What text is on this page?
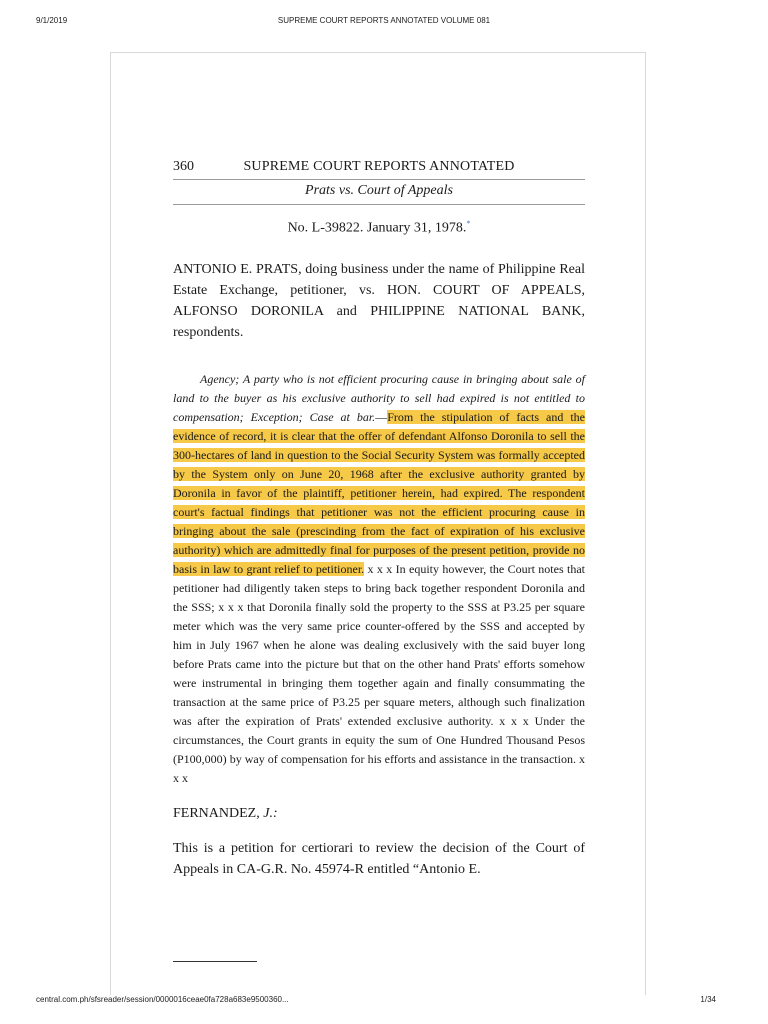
9/1/2019	SUPREME COURT REPORTS ANNOTATED VOLUME 081
360	SUPREME COURT REPORTS ANNOTATED
Prats vs. Court of Appeals
No. L-39822. January 31, 1978.*
ANTONIO E. PRATS, doing business under the name of Philippine Real Estate Exchange, petitioner, vs. HON. COURT OF APPEALS, ALFONSO DORONILA and PHILIPPINE NATIONAL BANK, respondents.
Agency; A party who is not efficient procuring cause in bringing about sale of land to the buyer as his exclusive authority to sell had expired is not entitled to compensation; Exception; Case at bar.—From the stipulation of facts and the evidence of record, it is clear that the offer of defendant Alfonso Doronila to sell the 300-hectares of land in question to the Social Security System was formally accepted by the System only on June 20, 1968 after the exclusive authority granted by Doronila in favor of the plaintiff, petitioner herein, had expired. The respondent court's factual findings that petitioner was not the efficient procuring cause in bringing about the sale (prescinding from the fact of expiration of his exclusive authority) which are admittedly final for purposes of the present petition, provide no basis in law to grant relief to petitioner. x x x In equity however, the Court notes that petitioner had diligently taken steps to bring back together respondent Doronila and the SSS; x x x that Doronila finally sold the property to the SSS at P3.25 per square meter which was the very same price counter-offered by the SSS and accepted by him in July 1967 when he alone was dealing exclusively with the said buyer long before Prats came into the picture but that on the other hand Prats' efforts somehow were instrumental in bringing them together again and finally consummating the transaction at the same price of P3.25 per square meters, although such finalization was after the expiration of Prats' extended exclusive authority. x x x Under the circumstances, the Court grants in equity the sum of One Hundred Thousand Pesos (P100,000) by way of compensation for his efforts and assistance in the transaction. x x x
FERNANDEZ, J.:
This is a petition for certiorari to review the decision of the Court of Appeals in CA-G.R. No. 45974-R entitled “Antonio E.
central.com.ph/sfsreader/session/0000016ceae0fa728a683e9500360...	1/34
